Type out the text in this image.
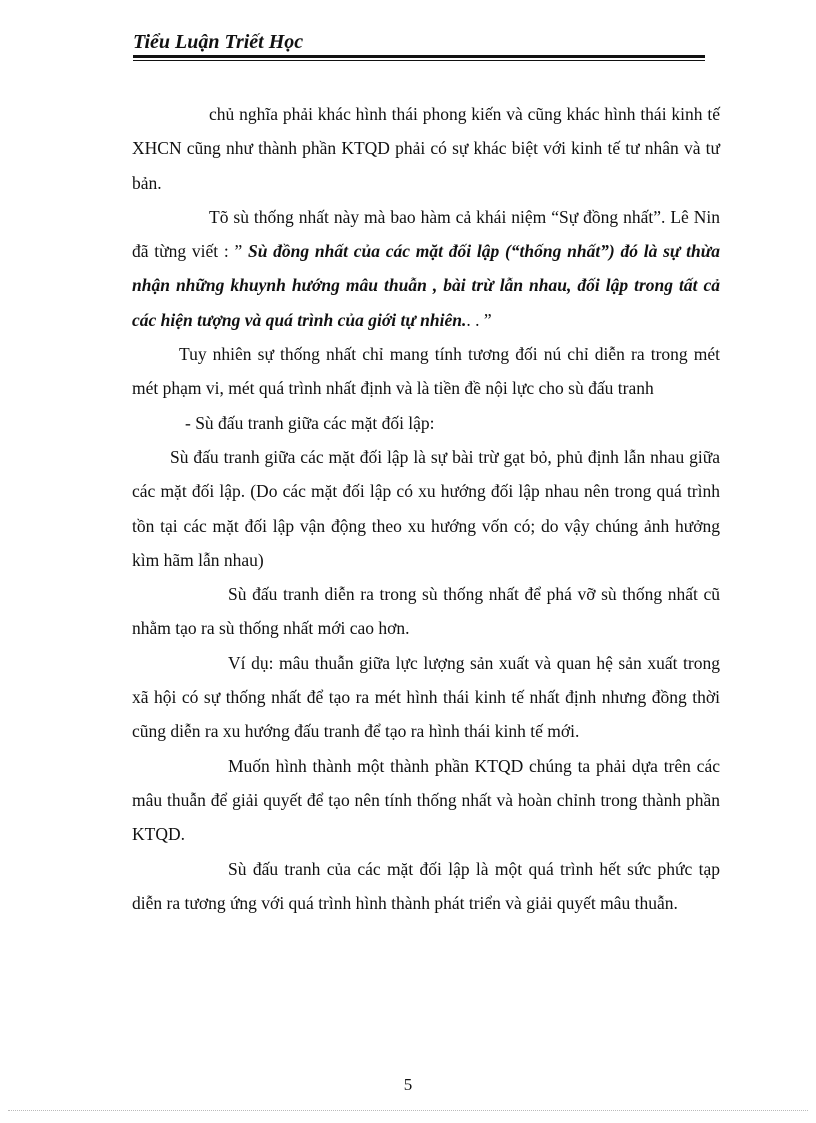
Tiểu Luận Triết Học

chủ nghĩa phải khác hình thái phong kiến và cũng khác hình thái kinh tế XHCN cũng như thành phần KTQD phải có sự khác biệt với kinh tế tư nhân và tư bản.

Tõ sù thống nhất này mà bao hàm cả khái niệm “Sự đồng nhất”. Lê Nin đã từng viết : ” Sù đồng nhất của các mặt đối lập (“thống nhất”) đó là sự thừa nhận những khuynh hướng mâu thuẫn , bài trừ lẫn nhau, đối lập trong tất cả các hiện tượng và quá trình của giới tự nhiên.. . ”

Tuy nhiên sự thống nhất chỉ mang tính tương đối nú chỉ diễn ra trong mét mét phạm vi, mét quá trình nhất định và là tiền đề nội lực cho sù đấu tranh

- Sù đấu tranh giữa các mặt đối lập:

Sù đấu tranh giữa các mặt đối lập là sự bài trừ gạt bỏ, phủ định lẫn nhau giữa các mặt đối lập. (Do các mặt đối lập có xu hướng đối lập nhau nên trong quá trình tồn tại các mặt đối lập vận động theo xu hướng vốn có; do vậy chúng ảnh hưởng kìm hãm lẫn nhau)

Sù đấu tranh diễn ra trong sù thống nhất để phá vỡ sù thống nhất cũ nhằm tạo ra sù thống nhất mới cao hơn.

Ví dụ: mâu thuẫn giữa lực lượng sản xuất và quan hệ sản xuất trong xã hội có sự thống nhất để tạo ra mét hình thái kinh tế nhất định nhưng đồng thời cũng diễn ra xu hướng đấu tranh để tạo ra hình thái kinh tế mới.

Muốn hình thành một thành phần KTQD chúng ta phải dựa trên các mâu thuẫn để giải quyết để tạo nên tính thống nhất và hoàn chỉnh trong thành phần KTQD.

Sù đấu tranh của các mặt đối lập là một quá trình hết sức phức tạp diễn ra tương ứng với quá trình hình thành phát triển và giải quyết mâu thuẫn.

5
